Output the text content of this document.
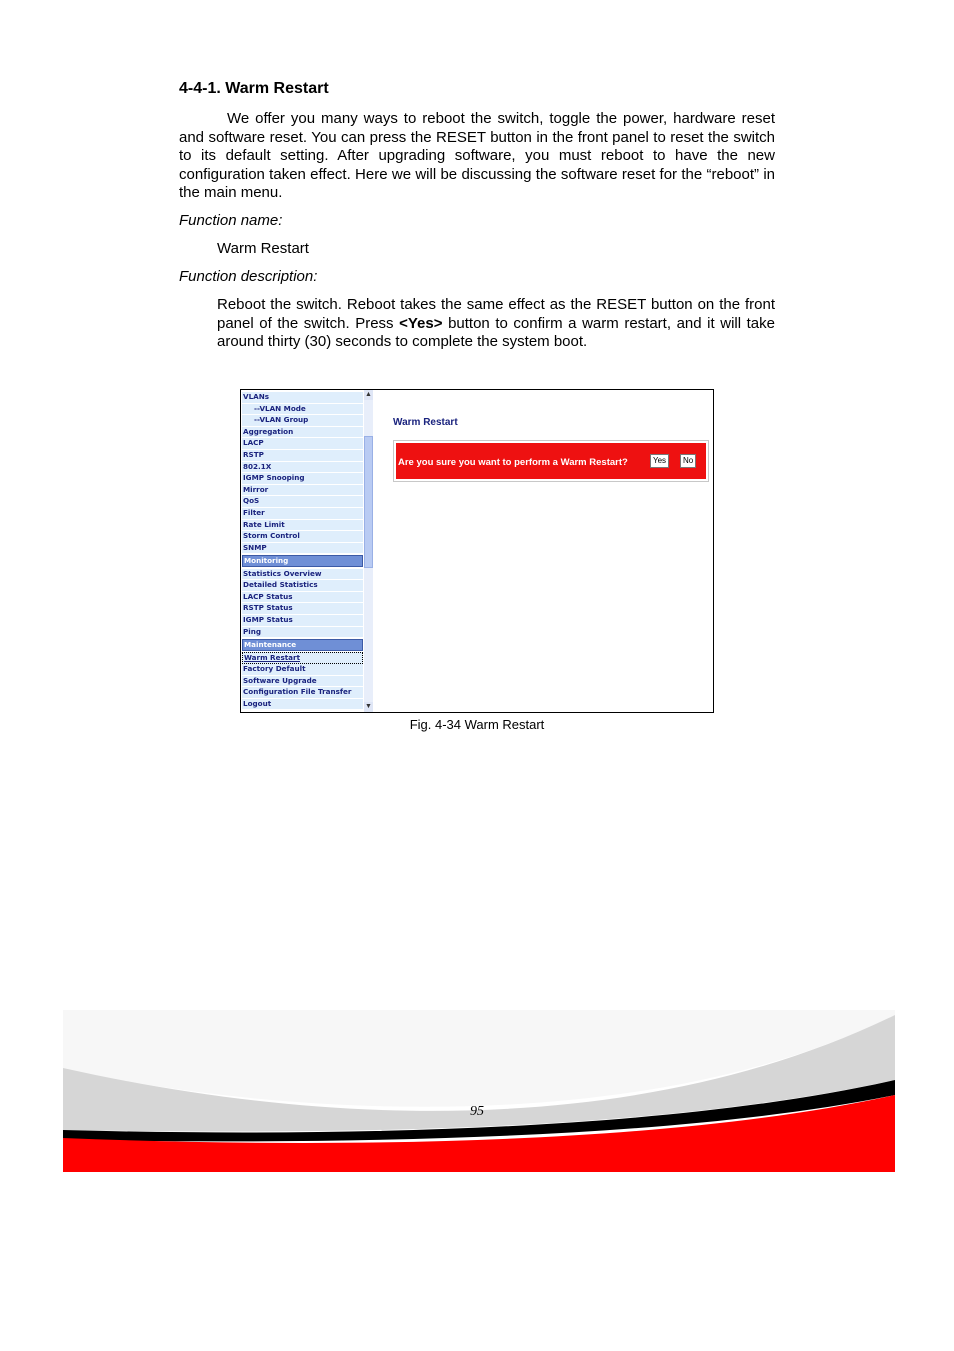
4-4-1. Warm Restart

We offer you many ways to reboot the switch, toggle the power, hardware reset and software reset. You can press the RESET button in the front panel to reset the switch to its default setting. After upgrading software, you must reboot to have the new configuration taken effect. Here we will be discussing the software reset for the “reboot” in the main menu.

Function name:
Warm Restart
Function description:

Reboot the switch. Reboot takes the same effect as the RESET button on the front panel of the switch. Press <Yes> button to confirm a warm restart, and it will take around thirty (30) seconds to complete the system boot.

VLANs
--VLAN Mode
--VLAN Group
Aggregation
LACP
RSTP
802.1X
IGMP Snooping
Mirror
QoS
Filter
Rate Limit
Storm Control
SNMP
Monitoring
Statistics Overview
Detailed Statistics
LACP Status
RSTP Status
IGMP Status
Ping
Maintenance
Warm Restart
Factory Default
Software Upgrade
Configuration File Transfer
Logout
▲
▼
Warm Restart
Are you sure you want to perform a Warm Restart?	Yes	No
Fig. 4-34 Warm Restart
95
